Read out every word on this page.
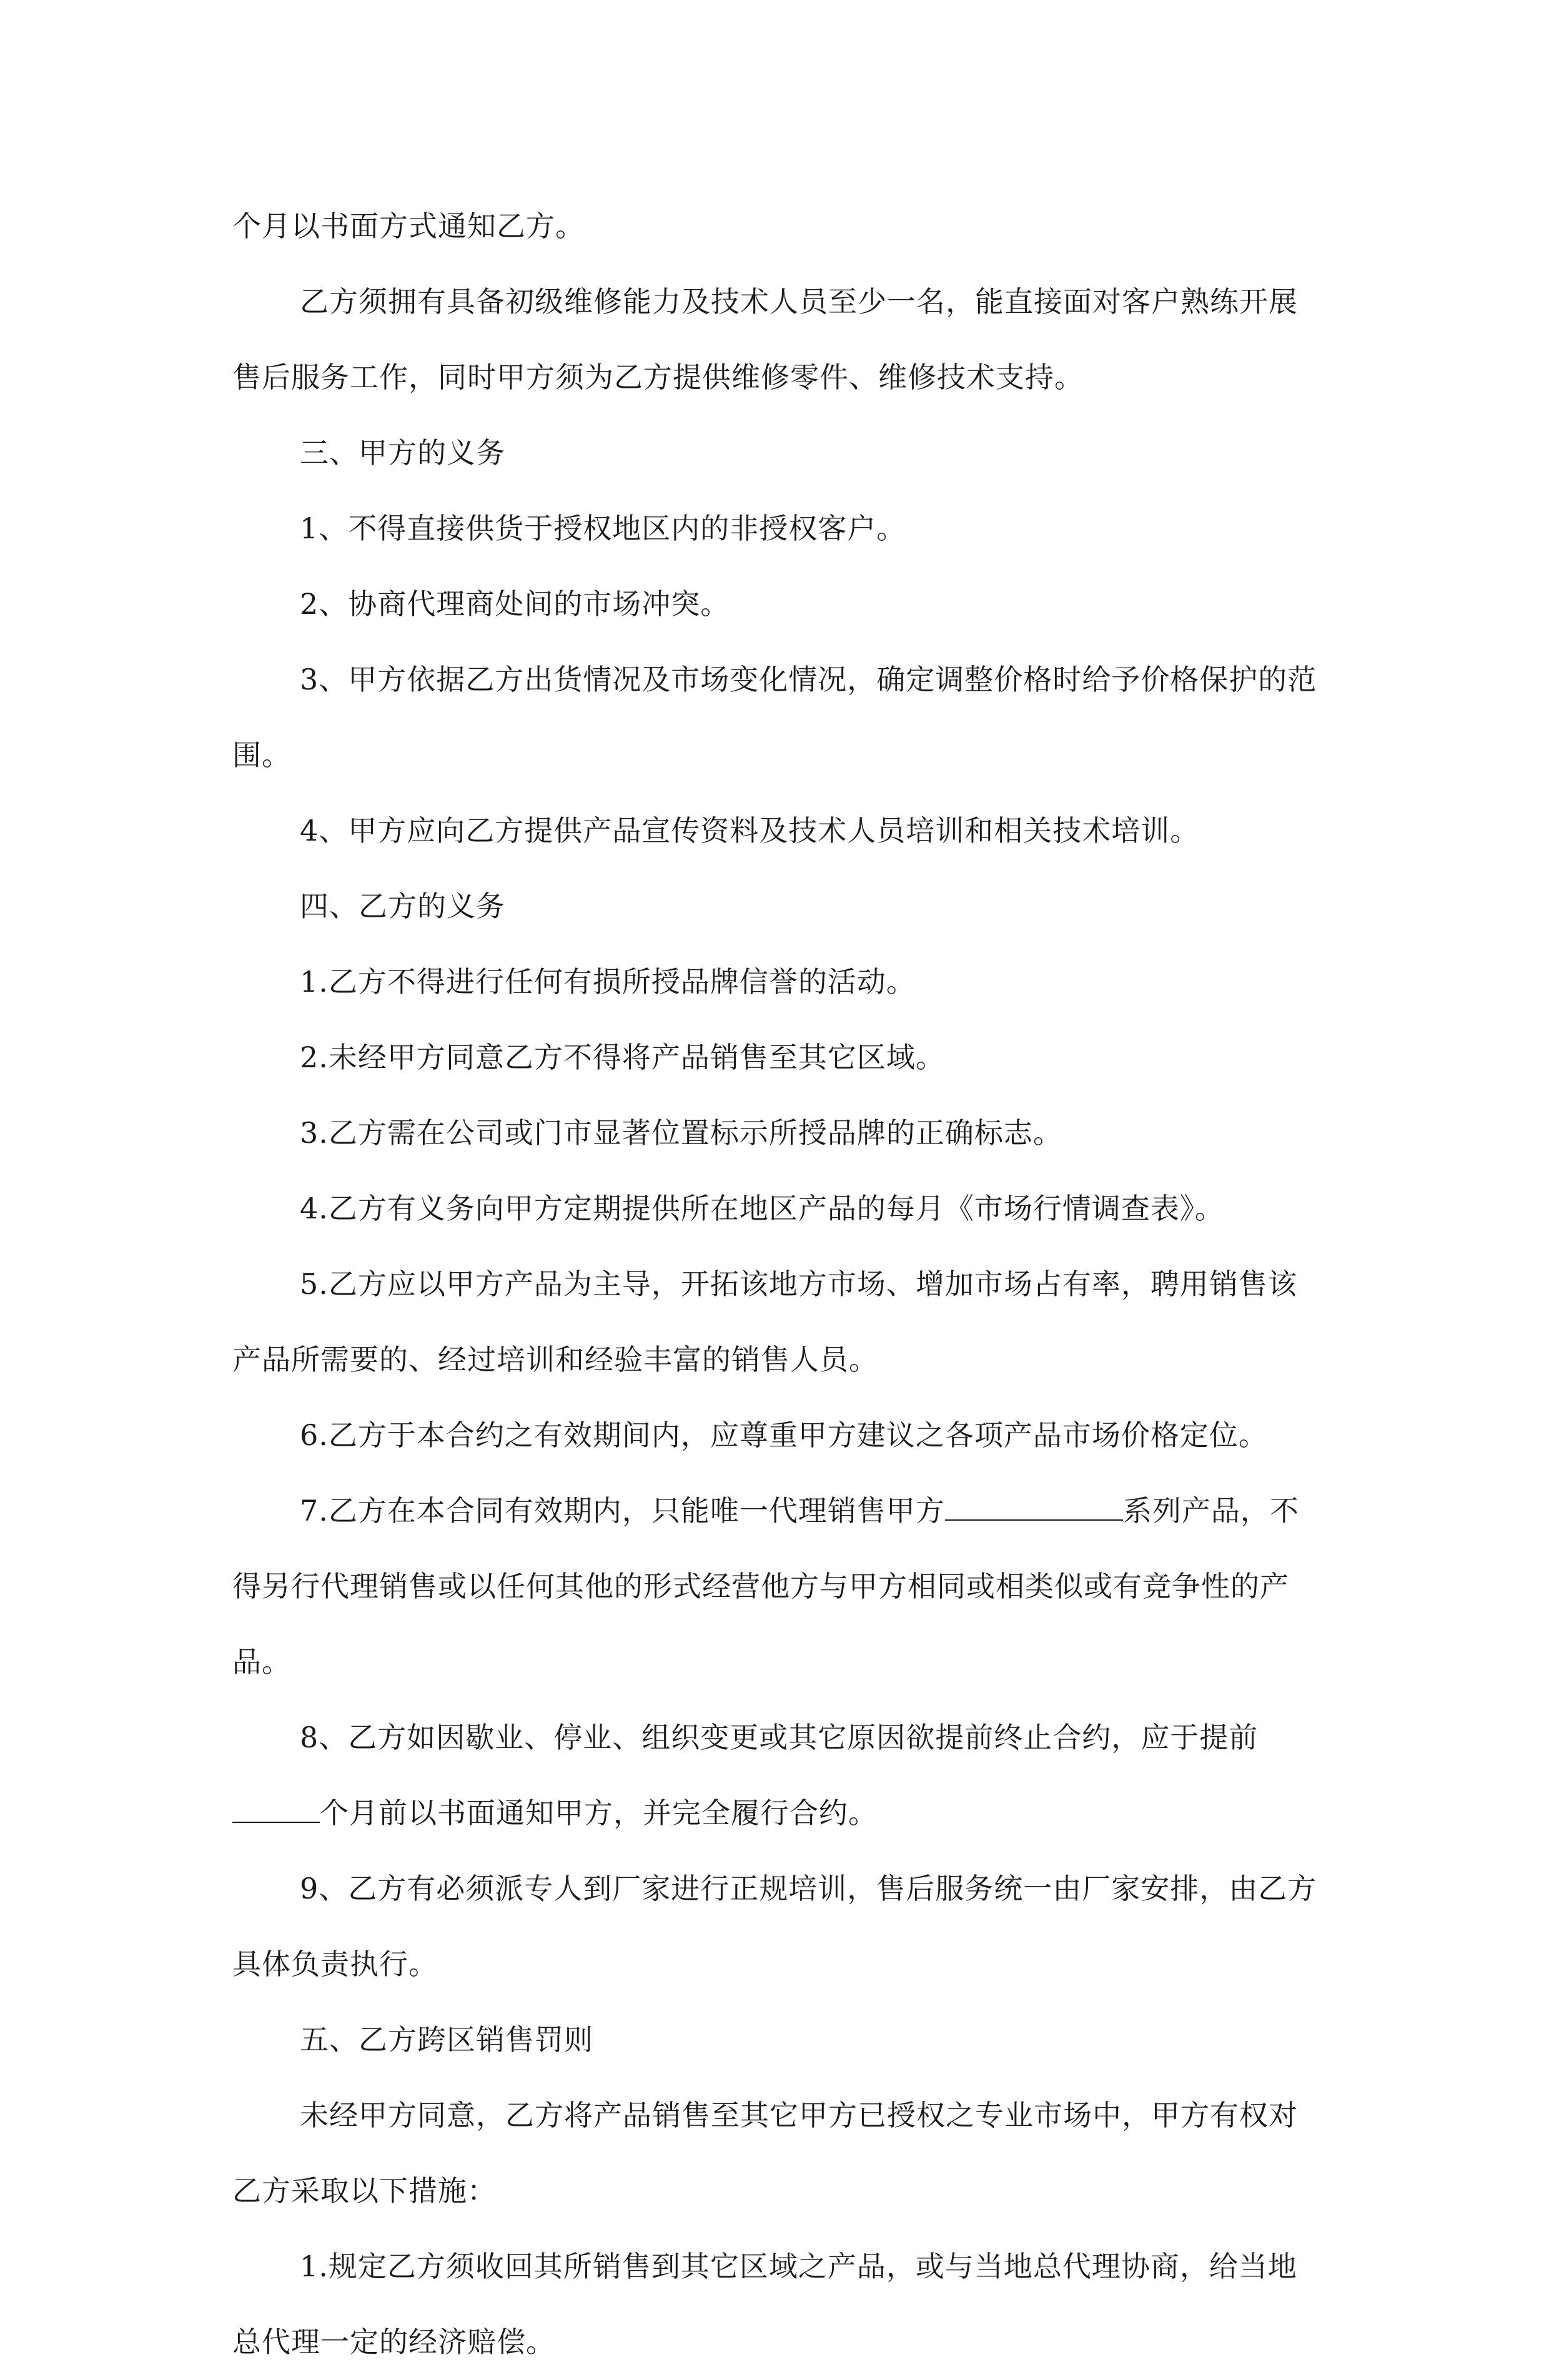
个月以书面方式通知乙方。

乙方须拥有具备初级维修能力及技术人员至少一名，能直接面对客户熟练开展售后服务工作，同时甲方须为乙方提供维修零件、维修技术支持。

三、甲方的义务

1、不得直接供货于授权地区内的非授权客户。

2、协商代理商处间的市场冲突。

3、甲方依据乙方出货情况及市场变化情况，确定调整价格时给予价格保护的范围。

4、甲方应向乙方提供产品宣传资料及技术人员培训和相关技术培训。

四、乙方的义务

1.乙方不得进行任何有损所授品牌信誉的活动。

2.未经甲方同意乙方不得将产品销售至其它区域。

3.乙方需在公司或门市显著位置标示所授品牌的正确标志。

4.乙方有义务向甲方定期提供所在地区产品的每月《市场行情调查表》。

5.乙方应以甲方产品为主导，开拓该地方市场、增加市场占有率，聘用销售该产品所需要的、经过培训和经验丰富的销售人员。

6.乙方于本合约之有效期间内，应尊重甲方建议之各项产品市场价格定位。

7.乙方在本合同有效期内，只能唯一代理销售甲方	系列产品，不得另行代理销售或以任何其他的形式经营他方与甲方相同或相类似或有竞争性的产品。

8、乙方如因歇业、停业、组织变更或其它原因欲提前终止合约，应于提前个月前以书面通知甲方，并完全履行合约。

9、乙方有必须派专人到厂家进行正规培训，售后服务统一由厂家安排，由乙方具体负责执行。

五、乙方跨区销售罚则

未经甲方同意，乙方将产品销售至其它甲方已授权之专业市场中，甲方有权对乙方采取以下措施：

1.规定乙方须收回其所销售到其它区域之产品，或与当地总代理协商，给当地总代理一定的经济赔偿。
